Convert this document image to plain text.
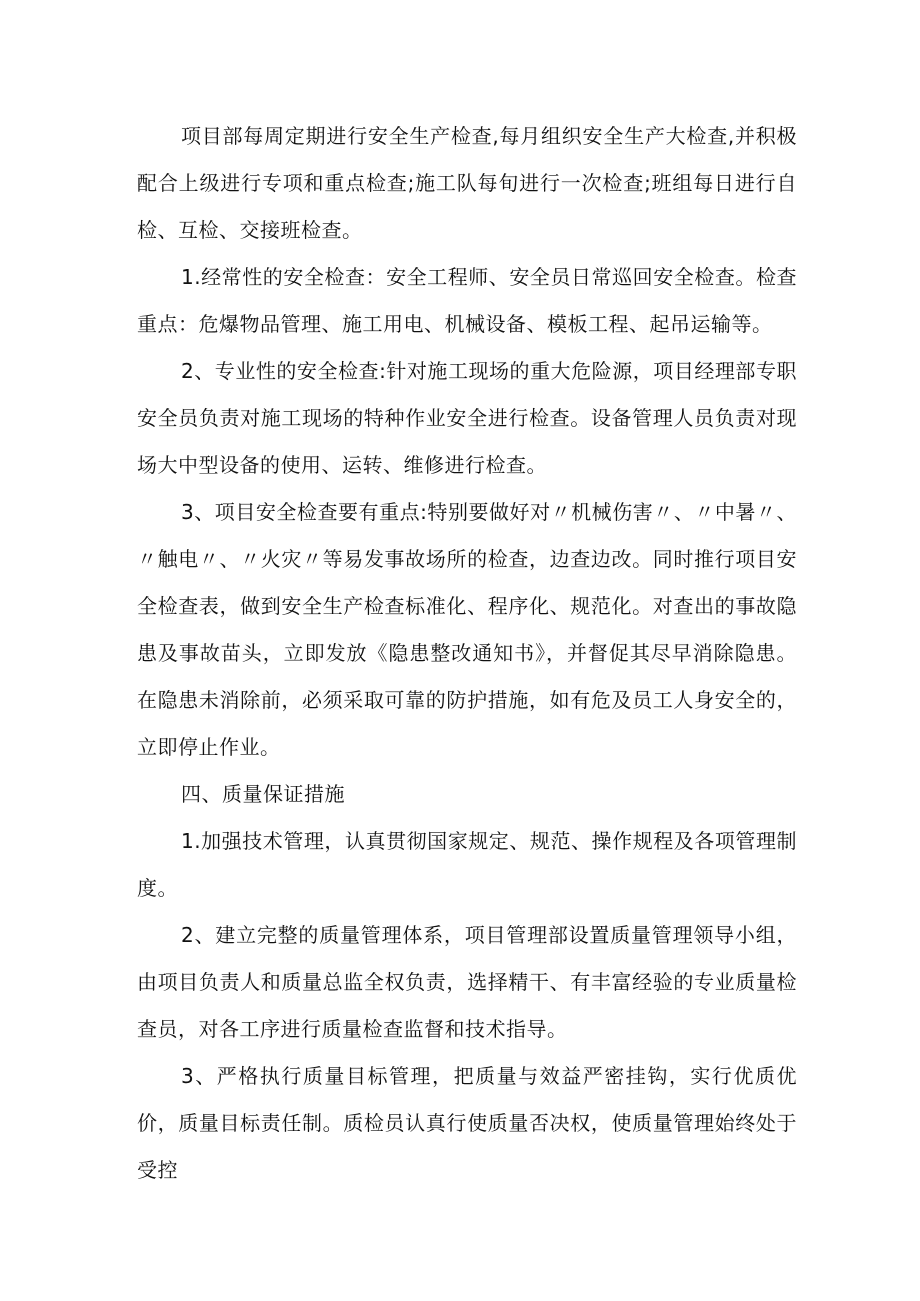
项目部每周定期进行安全生产检查,每月组织安全生产大检查,并积极配合上级进行专项和重点检查;施工队每旬进行一次检查;班组每日进行自检、互检、交接班检查。

1.经常性的安全检查：安全工程师、安全员日常巡回安全检查。检查重点：危爆物品管理、施工用电、机械设备、模板工程、起吊运输等。

2、专业性的安全检查:针对施工现场的重大危险源，项目经理部专职安全员负责对施工现场的特种作业安全进行检查。设备管理人员负责对现场大中型设备的使用、运转、维修进行检查。

3、项目安全检查要有重点:特别要做好对〃机械伤害〃、〃中暑〃、〃触电〃、〃火灾〃等易发事故场所的检查，边查边改。同时推行项目安全检查表，做到安全生产检查标准化、程序化、规范化。对查出的事故隐患及事故苗头，立即发放《隐患整改通知书》，并督促其尽早消除隐患。在隐患未消除前，必须采取可靠的防护措施，如有危及员工人身安全的，立即停止作业。

四、质量保证措施

1.加强技术管理，认真贯彻国家规定、规范、操作规程及各项管理制度。

2、建立完整的质量管理体系，项目管理部设置质量管理领导小组，由项目负责人和质量总监全权负责，选择精干、有丰富经验的专业质量检查员，对各工序进行质量检查监督和技术指导。

3、严格执行质量目标管理，把质量与效益严密挂钩，实行优质优价，质量目标责任制。质检员认真行使质量否决权，使质量管理始终处于受控
